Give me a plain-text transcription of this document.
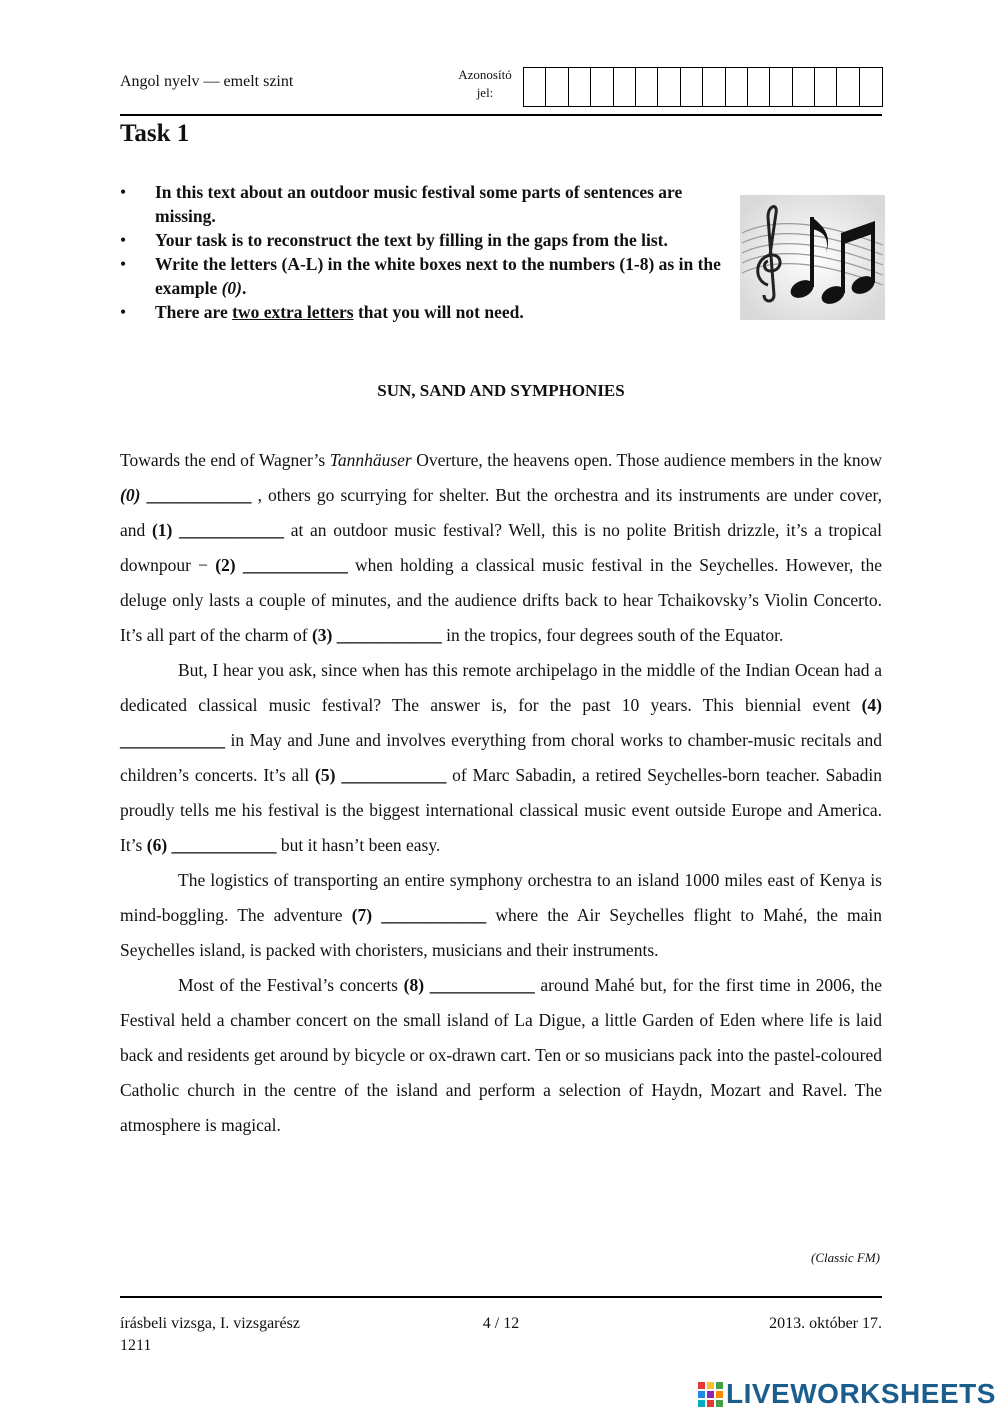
Angol nyelv — emelt szint	Azonosító
jel:
Task 1
• In this text about an outdoor music festival some parts of sentences are missing.
• Your task is to reconstruct the text by filling in the gaps from the list.
• Write the letters (A-L) in the white boxes next to the numbers (1-8) as in the example (0).
• There are two extra letters that you will not need.
SUN, SAND AND SYMPHONIES

Towards the end of Wagner’s Tannhäuser Overture, the heavens open. Those audience members in the know (0) ____________ , others go scurrying for shelter. But the orchestra and its instruments are under cover, and (1) ____________ at an outdoor music festival? Well, this is no polite British drizzle, it’s a tropical downpour − (2) ____________ when holding a classical music festival in the Seychelles. However, the deluge only lasts a couple of minutes, and the audience drifts back to hear Tchaikovsky’s Violin Concerto. It’s all part of the charm of (3) ____________ in the tropics, four degrees south of the Equator.

But, I hear you ask, since when has this remote archipelago in the middle of the Indian Ocean had a dedicated classical music festival? The answer is, for the past 10 years. This biennial event (4) ____________ in May and June and involves everything from choral works to chamber-music recitals and children’s concerts. It’s all (5) ____________ of Marc Sabadin, a retired Seychelles-born teacher. Sabadin proudly tells me his festival is the biggest international classical music event outside Europe and America. It’s (6) ____________ but it hasn’t been easy.

The logistics of transporting an entire symphony orchestra to an island 1000 miles east of Kenya is mind-boggling. The adventure (7) ____________ where the Air Seychelles flight to Mahé, the main Seychelles island, is packed with choristers, musicians and their instruments.

Most of the Festival’s concerts (8) ____________ around Mahé but, for the first time in 2006, the Festival held a chamber concert on the small island of La Digue, a little Garden of Eden where life is laid back and residents get around by bicycle or ox-drawn cart. Ten or so musicians pack into the pastel-coloured Catholic church in the centre of the island and perform a selection of Haydn, Mozart and Ravel. The atmosphere is magical.

(Classic FM)
írásbeli vizsga, I. vizsgarész
1211
4 / 12	2013. október 17.
LIVEWORKSHEETS
